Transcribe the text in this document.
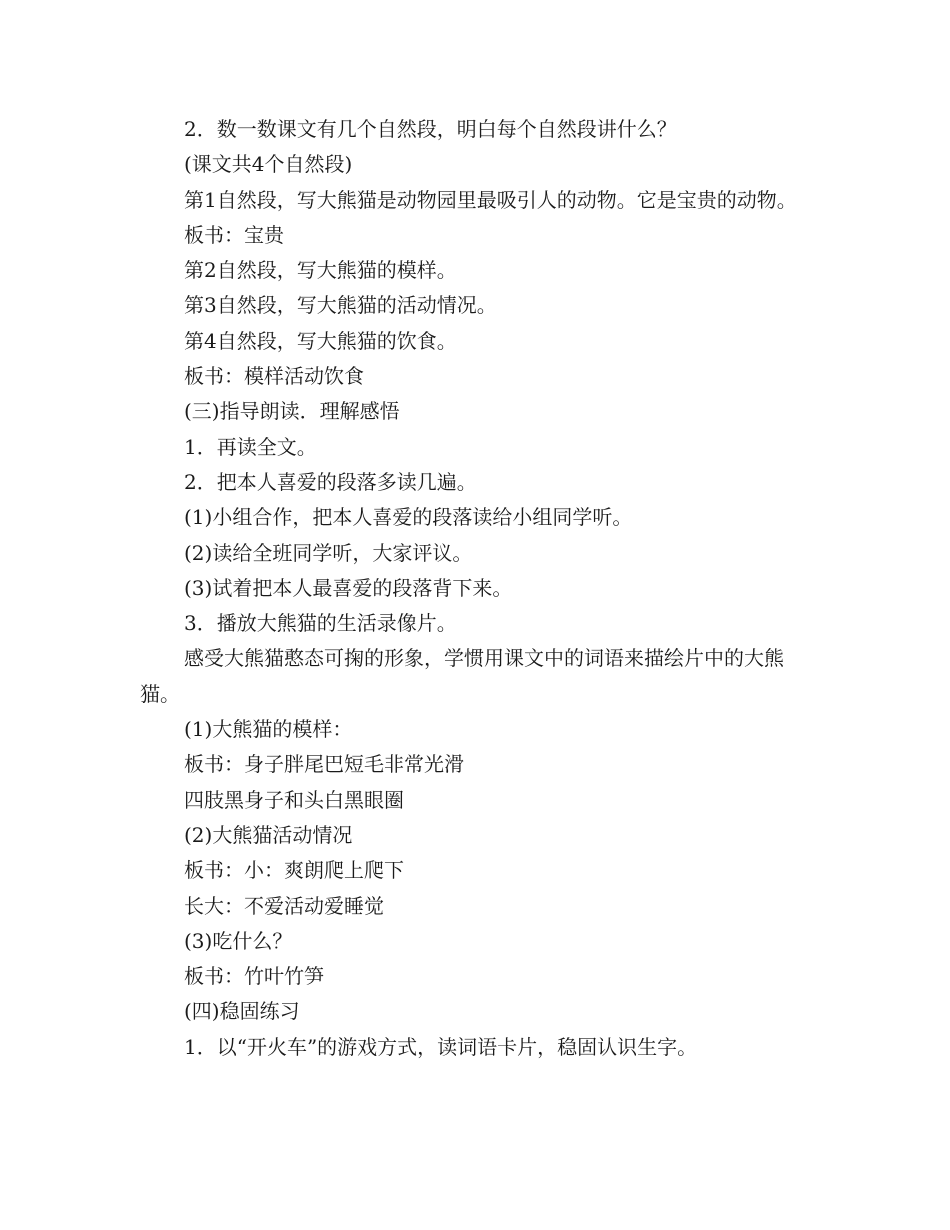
2．数一数课文有几个自然段，明白每个自然段讲什么？

(课文共4个自然段)

第1自然段，写大熊猫是动物园里最吸引人的动物。它是宝贵的动物。

板书：宝贵

第2自然段，写大熊猫的模样。

第3自然段，写大熊猫的活动情况。

第4自然段，写大熊猫的饮食。

板书：模样活动饮食

(三)指导朗读．理解感悟

1．再读全文。

2．把本人喜爱的段落多读几遍。

(1)小组合作，把本人喜爱的段落读给小组同学听。

(2)读给全班同学听，大家评议。

(3)试着把本人最喜爱的段落背下来。

3．播放大熊猫的生活录像片。

感受大熊猫憨态可掬的形象，学惯用课文中的词语来描绘片中的大熊猫。

(1)大熊猫的模样：

板书：身子胖尾巴短毛非常光滑

四肢黑身子和头白黑眼圈

(2)大熊猫活动情况

板书：小：爽朗爬上爬下

长大：不爱活动爱睡觉

(3)吃什么？

板书：竹叶竹笋

(四)稳固练习

1．以“开火车”的游戏方式，读词语卡片，稳固认识生字。
